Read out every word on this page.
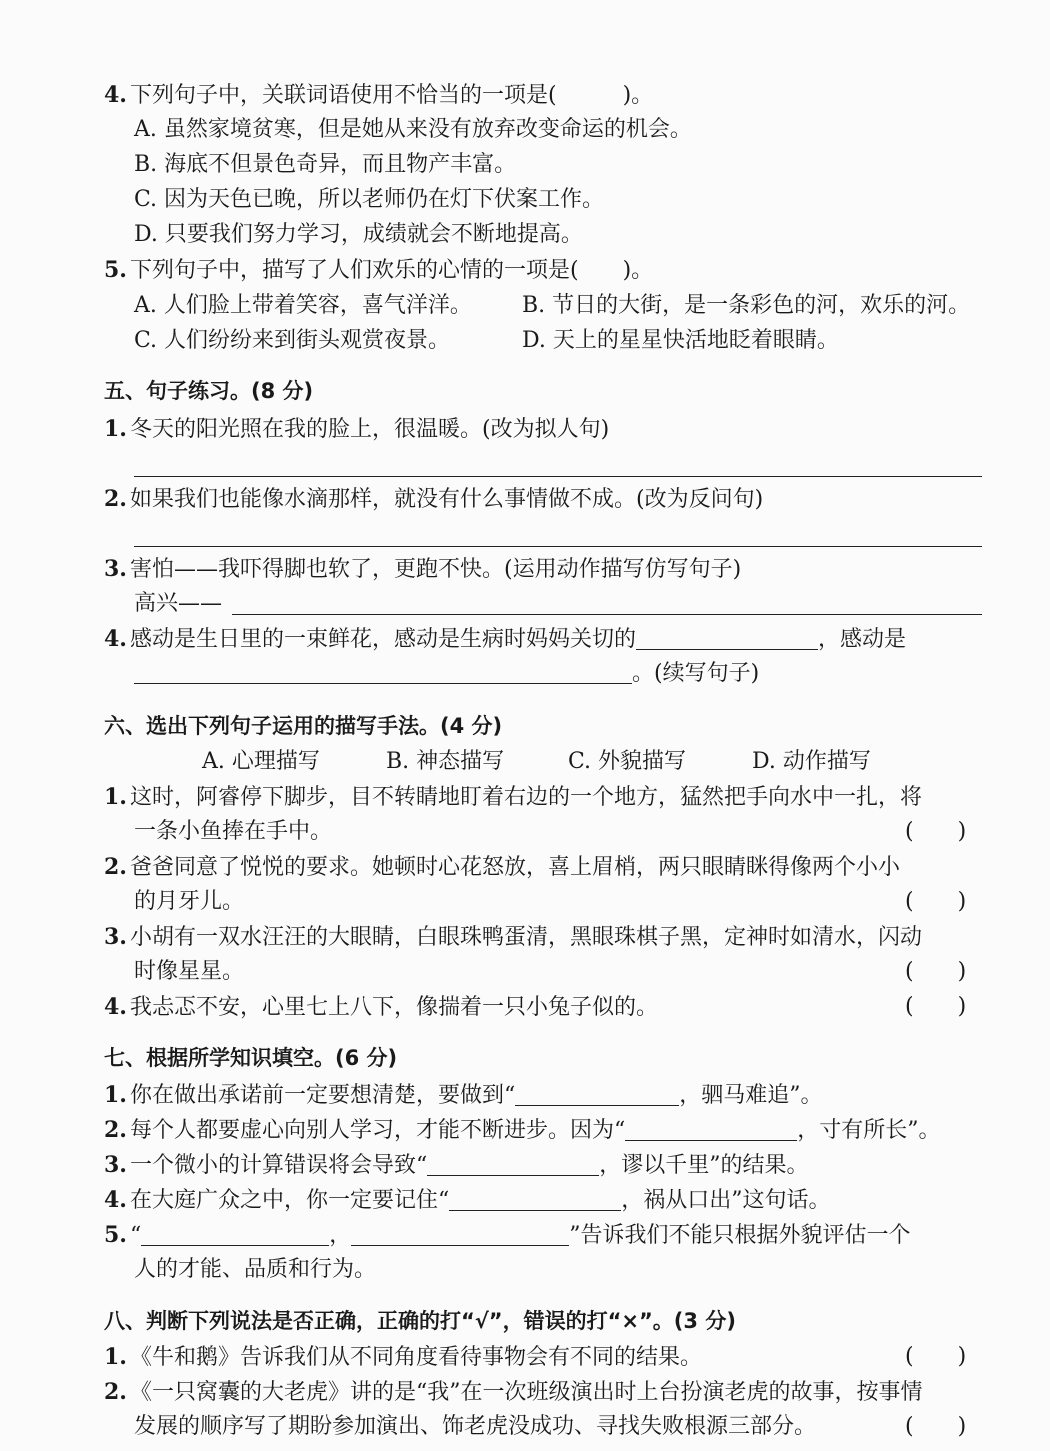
4. 下列句子中，关联词语使用不恰当的一项是(　　　)。
A. 虽然家境贫寒，但是她从来没有放弃改变命运的机会。
B. 海底不但景色奇异，而且物产丰富。
C. 因为天色已晚，所以老师仍在灯下伏案工作。
D. 只要我们努力学习，成绩就会不断地提高。
5. 下列句子中，描写了人们欢乐的心情的一项是(　　)。
A. 人们脸上带着笑容，喜气洋洋。 B. 节日的大街，是一条彩色的河，欢乐的河。
C. 人们纷纷来到街头观赏夜景。	D. 天上的星星快活地眨着眼睛。
五、句子练习。(8 分)
1. 冬天的阳光照在我的脸上，很温暖。(改为拟人句)
2. 如果我们也能像水滴那样，就没有什么事情做不成。(改为反问句)
3. 害怕——我吓得脚也软了，更跑不快。(运用动作描写仿写句子)
高兴——
4. 感动是生日里的一束鲜花，感动是生病时妈妈关切的	，感动是
。(续写句子)
六、选出下列句子运用的描写手法。(4 分)
A. 心理描写	B. 神态描写	C. 外貌描写	D. 动作描写
1. 这时，阿睿停下脚步，目不转睛地盯着右边的一个地方，猛然把手向水中一扎，将
一条小鱼捧在手中。	(　　)
2. 爸爸同意了悦悦的要求。她顿时心花怒放，喜上眉梢，两只眼睛眯得像两个小小
的月牙儿。	(　　)
3. 小胡有一双水汪汪的大眼睛，白眼珠鸭蛋清，黑眼珠棋子黑，定神时如清水，闪动
时像星星。	(　　)
4. 我忐忑不安，心里七上八下，像揣着一只小兔子似的。	(　　)
七、根据所学知识填空。(6 分)
1. 你在做出承诺前一定要想清楚，要做到“	，驷马难追”。
2. 每个人都要虚心向别人学习，才能不断进步。因为“	，寸有所长”。
3. 一个微小的计算错误将会导致“	，谬以千里”的结果。
4. 在大庭广众之中，你一定要记住“	，祸从口出”这句话。
5. “	，	”告诉我们不能只根据外貌评估一个
人的才能、品质和行为。
八、判断下列说法是否正确，正确的打“√”，错误的打“×”。(3 分)
1. 《牛和鹅》告诉我们从不同角度看待事物会有不同的结果。	(　　)
2. 《一只窝囊的大老虎》讲的是“我”在一次班级演出时上台扮演老虎的故事，按事情
发展的顺序写了期盼参加演出、饰老虎没成功、寻找失败根源三部分。	(　　)
